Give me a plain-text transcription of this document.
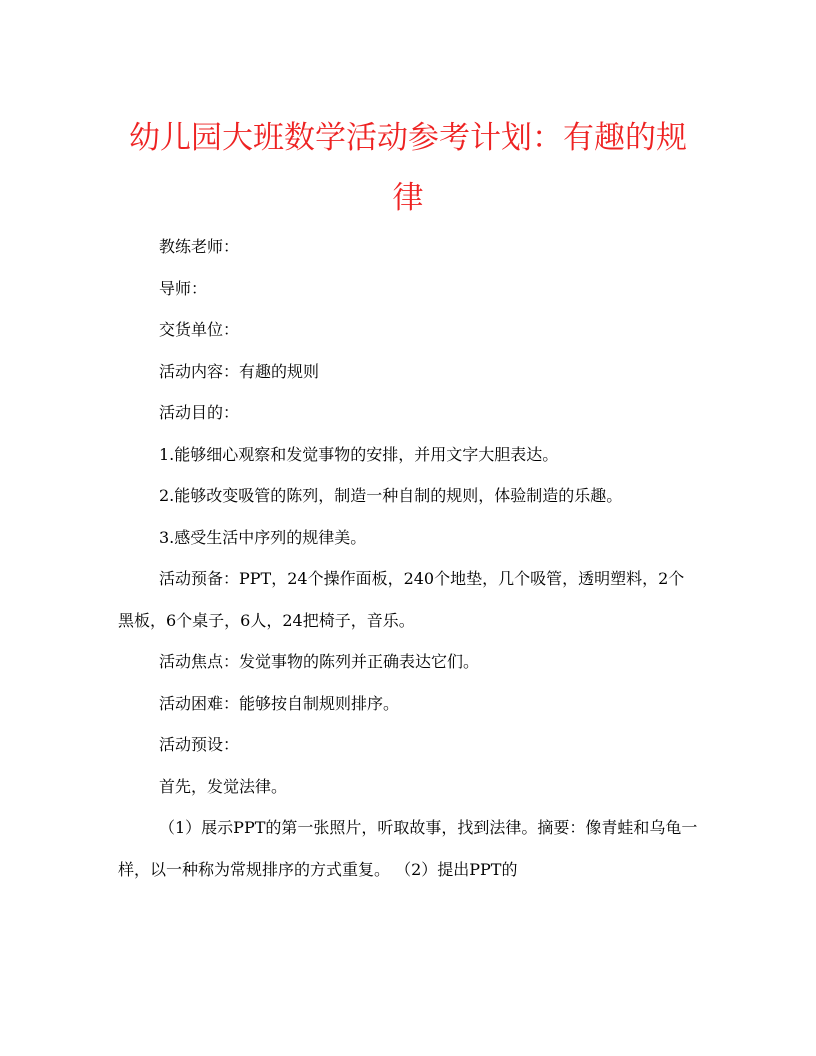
幼儿园大班数学活动参考计划：有趣的规律

教练老师：

导师：

交货单位：

活动内容：有趣的规则

活动目的：

1.能够细心观察和发觉事物的安排，并用文字大胆表达。

2.能够改变吸管的陈列，制造一种自制的规则，体验制造的乐趣。

3.感受生活中序列的规律美。

活动预备：PPT，24个操作面板，240个地垫，几个吸管，透明塑料，2个黑板，6个桌子，6人，24把椅子，音乐。

活动焦点：发觉事物的陈列并正确表达它们。

活动困难：能够按自制规则排序。

活动预设：

首先，发觉法律。

（1）展示PPT的第一张照片，听取故事，找到法律。摘要：像青蛙和乌龟一样，以一种称为常规排序的方式重复。 （2）提出PPT的
